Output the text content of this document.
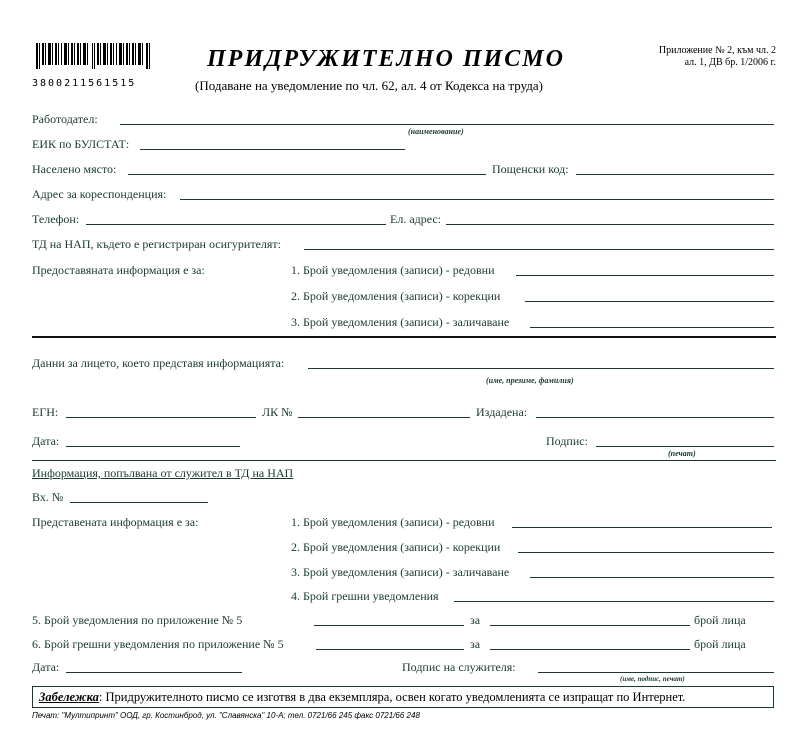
3800211561515
ПРИДРУЖИТЕЛНО ПИСМО
(Подаване на уведомление по чл. 62, ал. 4 от Кодекса на труда)
Приложение № 2, към чл. 2
ал. 1, ДВ бр. 1/2006 г.
Работодател:
(наименование)
ЕИК по БУЛСТАТ:
Населено място:	Пощенски код:
Адрес за кореспонденция:
Телефон:	Ел. адрес:
ТД на НАП, където е регистриран осигурителят:
Предоставяната информация е за:	1. Брой уведомления (записи) - редовни
2. Брой уведомления (записи) - корекции
3. Брой уведомления (записи) - заличаване
Данни за лицето, което представя информацията:
(име, презиме, фамилия)
ЕГН:	ЛК №	Издадена:
Дата:	Подпис:
(печат)
Информация, попълвана от служител в ТД на НАП
Вх. №
Представената информация е за:	1. Брой уведомления (записи) - редовни
2. Брой уведомления (записи) - корекции
3. Брой уведомления (записи) - заличаване
4. Брой грешни уведомления
5. Брой уведомления по приложение № 5	за	брой лица
6. Брой грешни уведомления по приложение № 5	за	брой лица
Дата:	Подпис на служителя:
(име, подпис, печат)
Забележка: Придружителното писмо се изготвя в два екземпляра, освен когато уведомленията се изпращат по Интернет.
Печат: "Мултипринт" ООД, гр. Костинброд, ул. "Славянска" 10-А; тел. 0721/66 245 факс 0721/66 248
